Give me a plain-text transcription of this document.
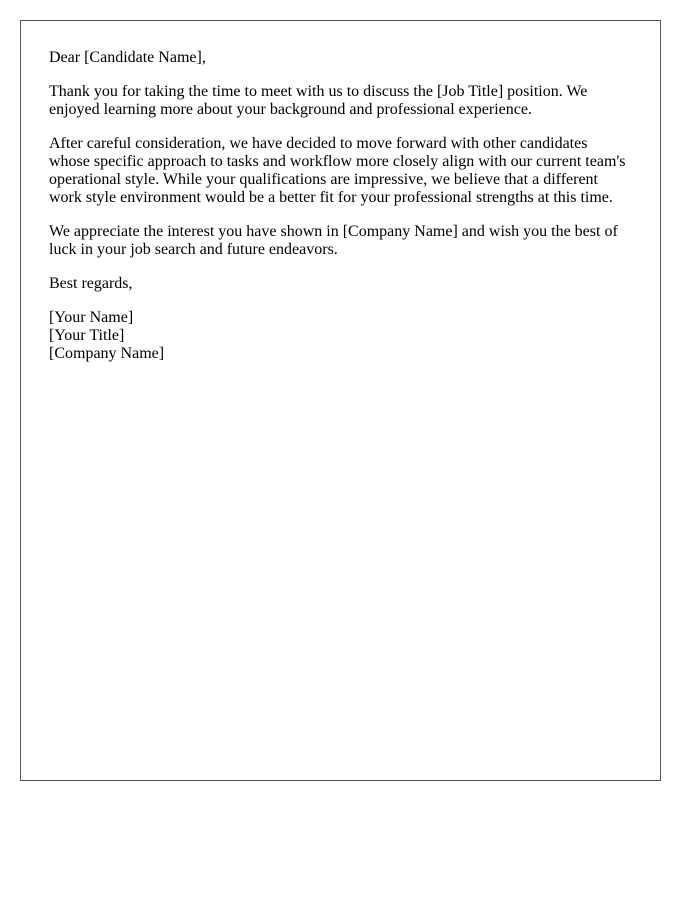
Dear [Candidate Name],

Thank you for taking the time to meet with us to discuss the [Job Title] position. We enjoyed learning more about your background and professional experience.

After careful consideration, we have decided to move forward with other candidates whose specific approach to tasks and workflow more closely align with our current team's operational style. While your qualifications are impressive, we believe that a different work style environment would be a better fit for your professional strengths at this time.

We appreciate the interest you have shown in [Company Name] and wish you the best of luck in your job search and future endeavors.

Best regards,

[Your Name]
[Your Title]
[Company Name]
